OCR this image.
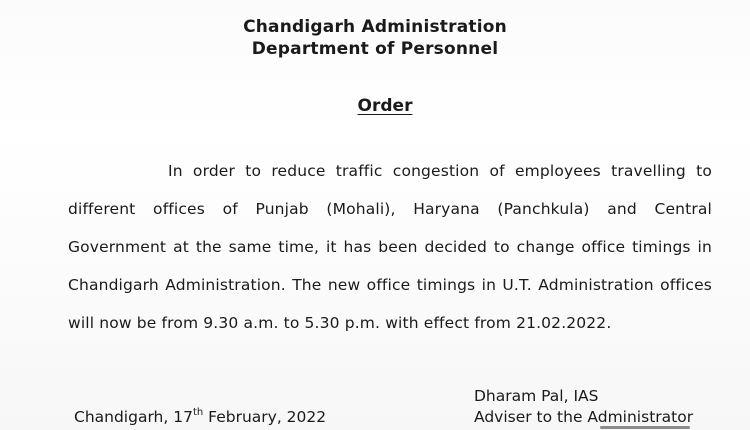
Chandigarh Administration
Department of Personnel
Order
In order to reduce traffic congestion of employees travelling to different offices of Punjab (Mohali), Haryana (Panchkula) and Central Government at the same time, it has been decided to change office timings in Chandigarh Administration. The new office timings in U.T. Administration offices will now be from 9.30 a.m. to 5.30 p.m. with effect from 21.02.2022.
Chandigarh, 17th February, 2022
Dharam Pal, IAS
Adviser to the Administrator
